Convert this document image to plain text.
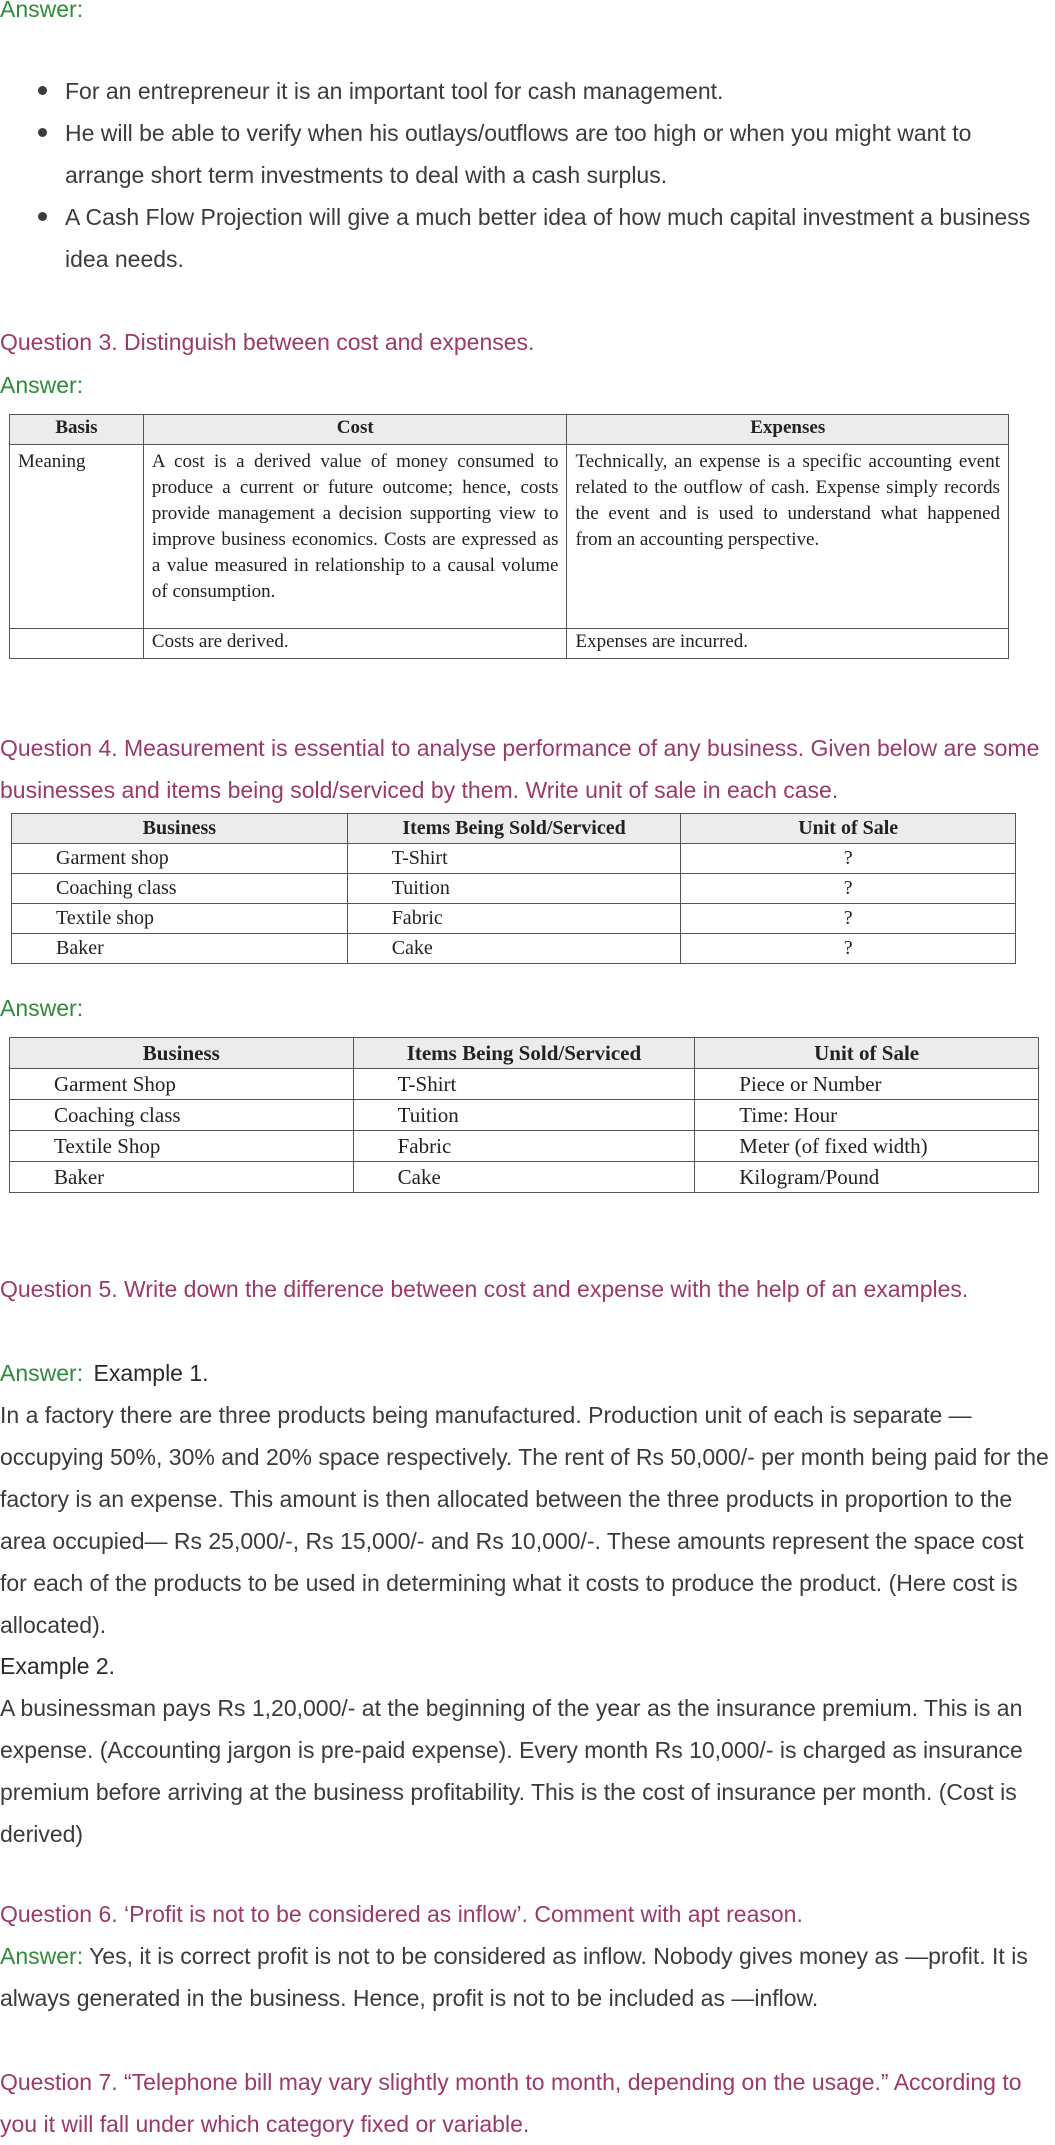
Answer:
For an entrepreneur it is an important tool for cash management.
He will be able to verify when his outlays/outflows are too high or when you might want to arrange short term investments to deal with a cash surplus.
A Cash Flow Projection will give a much better idea of how much capital investment a business idea needs.
Question 3. Distinguish between cost and expenses.
Answer:
Basis	Cost	Expenses
Meaning	A cost is a derived value of money consumed to produce a current or future outcome; hence, costs provide management a decision supporting view to improve business economics. Costs are expressed as a value measured in relationship to a causal volume of consumption.	Technically, an expense is a specific accounting event related to the outflow of cash. Expense simply records the event and is used to understand what happened from an accounting perspective.
	Costs are derived.	Expenses are incurred.
Question 4. Measurement is essential to analyse performance of any business. Given below are some businesses and items being sold/serviced by them. Write unit of sale in each case.
Business	Items Being Sold/Serviced	Unit of Sale
Garment shop	T-Shirt	?
Coaching class	Tuition	?
Textile shop	Fabric	?
Baker	Cake	?
Answer:
Business	Items Being Sold/Serviced	Unit of Sale
Garment Shop	T-Shirt	Piece or Number
Coaching class	Tuition	Time: Hour
Textile Shop	Fabric	Meter (of fixed width)
Baker	Cake	Kilogram/Pound
Question 5. Write down the difference between cost and expense with the help of an examples.
Answer: Example 1.
In a factory there are three products being manufactured. Production unit of each is separate — occupying 50%, 30% and 20% space respectively. The rent of Rs 50,000/- per month being paid for the factory is an expense. This amount is then allocated between the three products in proportion to the area occupied— Rs 25,000/-, Rs 15,000/- and Rs 10,000/-. These amounts represent the space cost for each of the products to be used in determining what it costs to produce the product. (Here cost is allocated).
Example 2.
A businessman pays Rs 1,20,000/- at the beginning of the year as the insurance premium. This is an expense. (Accounting jargon is pre-paid expense). Every month Rs 10,000/- is charged as insurance premium before arriving at the business profitability. This is the cost of insurance per month. (Cost is derived)
Question 6. ‘Profit is not to be considered as inflow’. Comment with apt reason.
Answer: Yes, it is correct profit is not to be considered as inflow. Nobody gives money as —profit. It is always generated in the business. Hence, profit is not to be included as —inflow.
Question 7. “Telephone bill may vary slightly month to month, depending on the usage.” According to you it will fall under which category fixed or variable.
